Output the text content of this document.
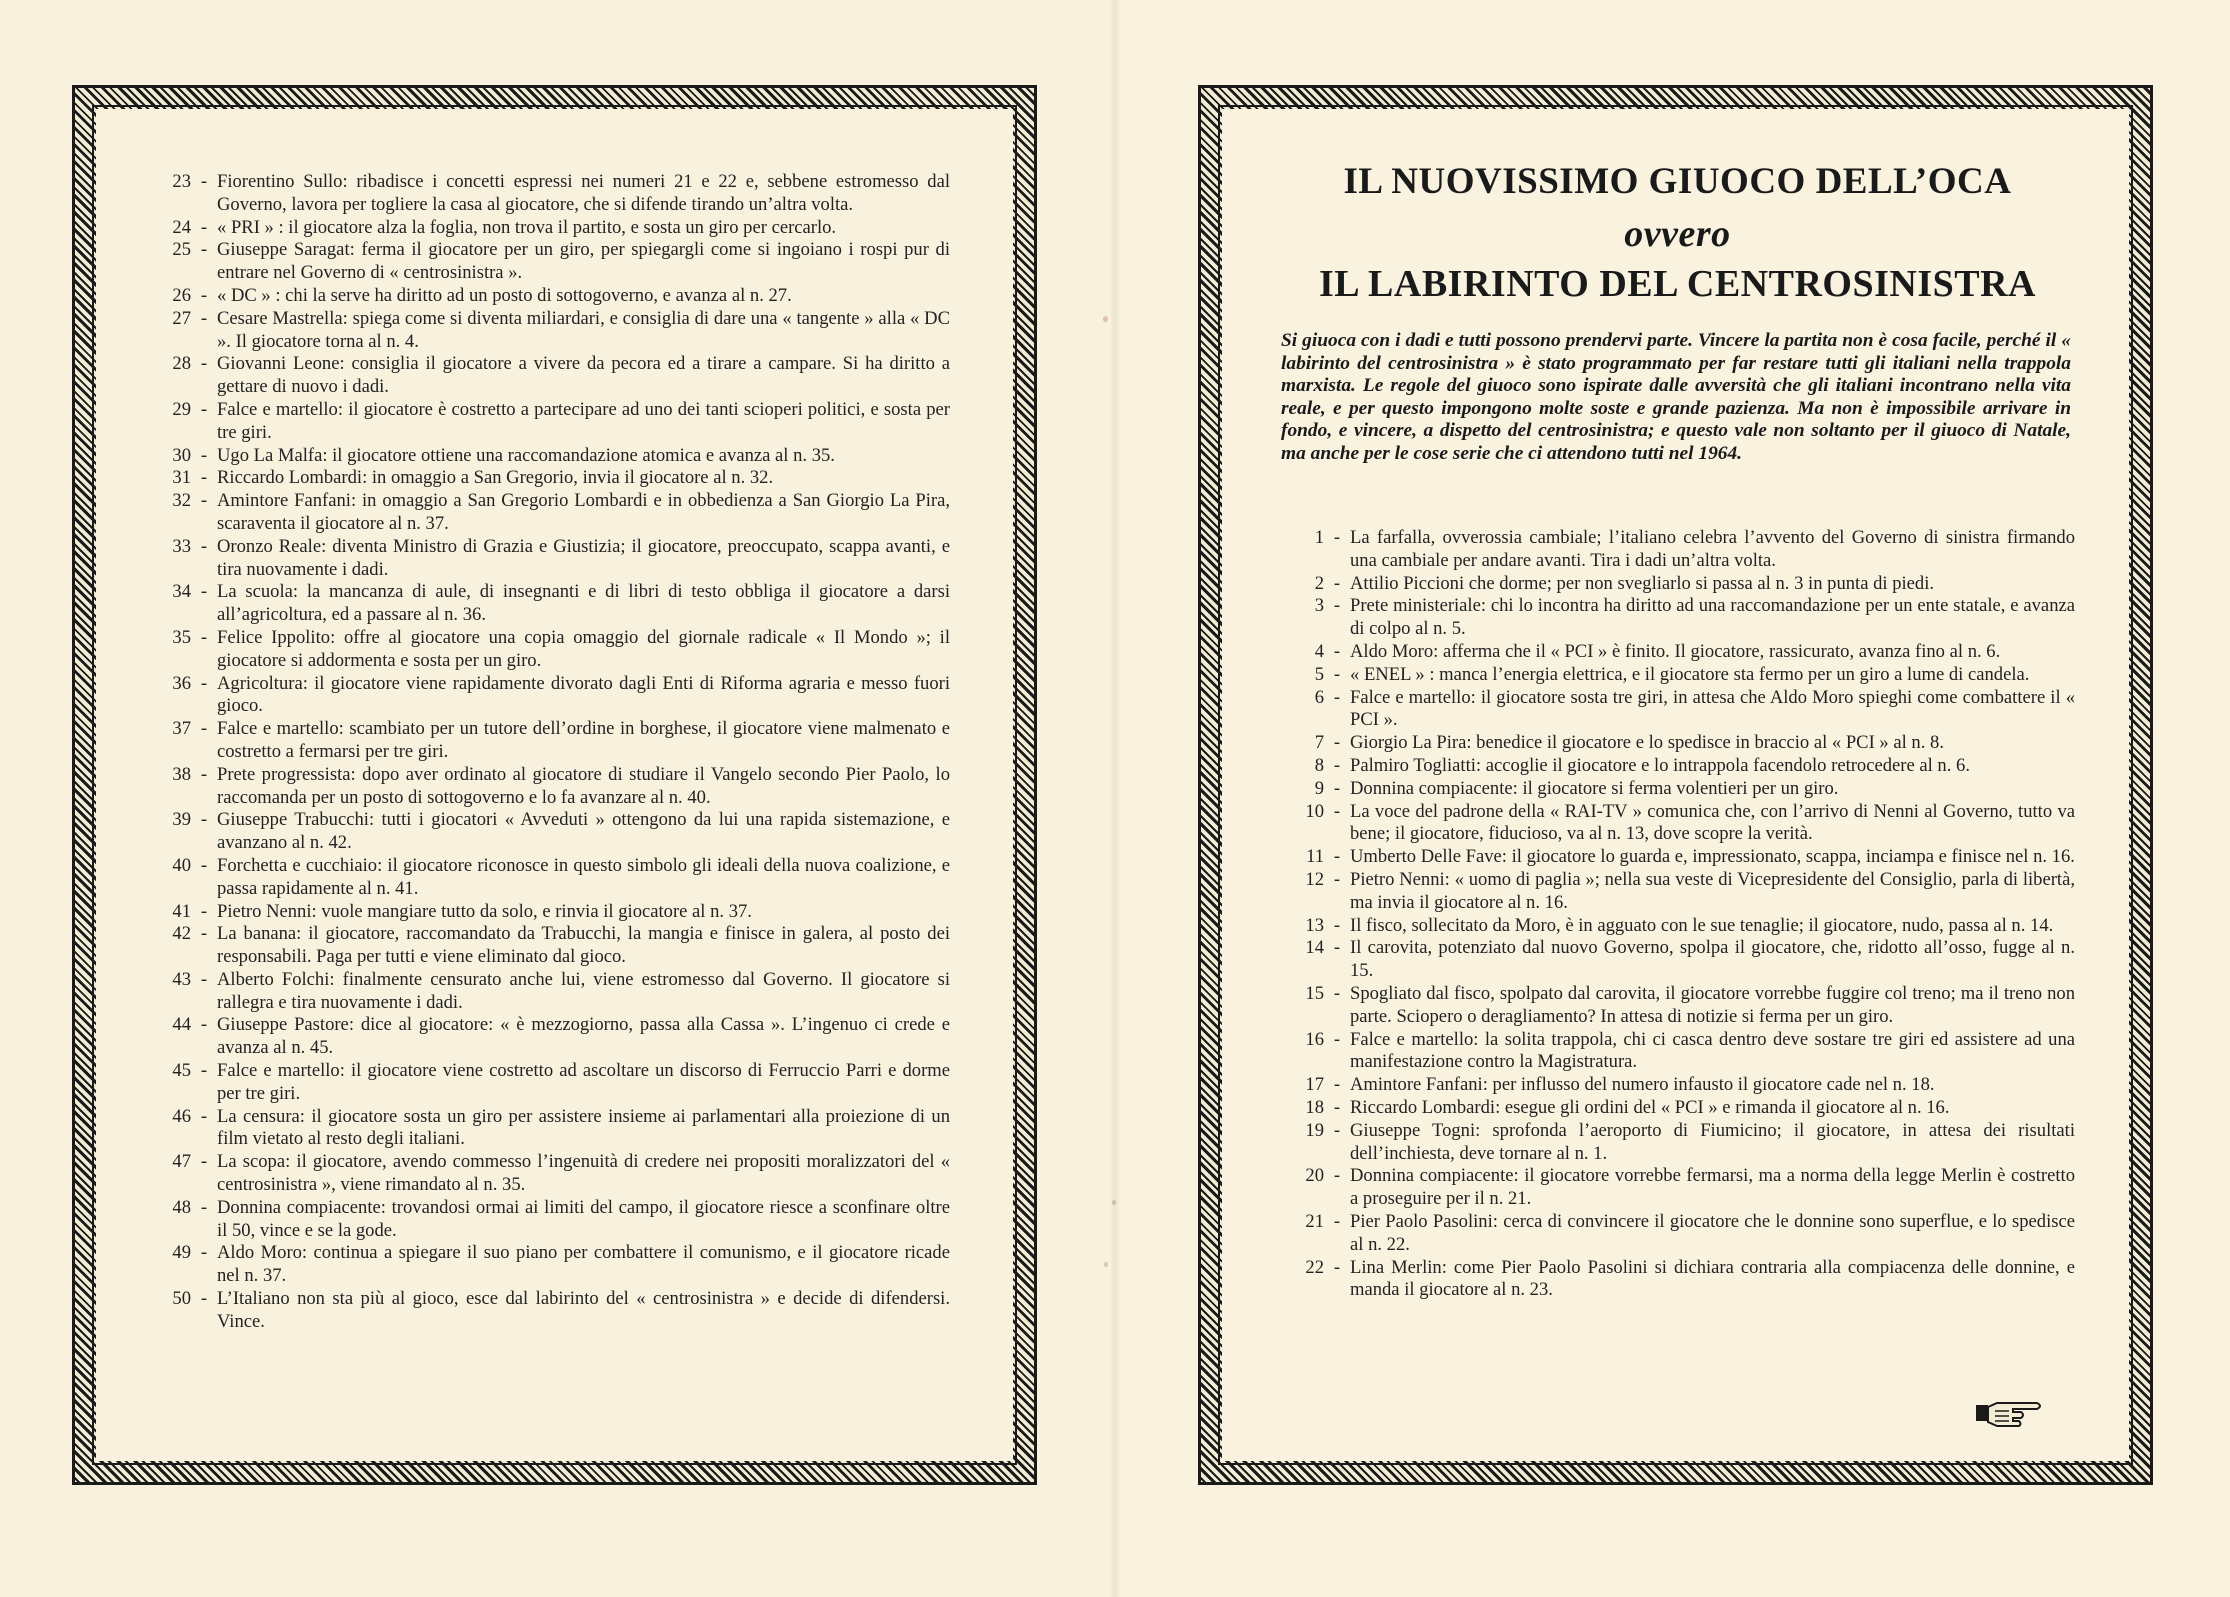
23 - Fiorentino Sullo: ribadisce i concetti espressi nei numeri 21 e 22 e, sebbene estromesso dal Governo, lavora per togliere la casa al giocatore, che si difende tirando un’altra volta.
24 - « PRI » : il giocatore alza la foglia, non trova il partito, e sosta un giro per cercarlo.
25 - Giuseppe Saragat: ferma il giocatore per un giro, per spiegargli come si ingoiano i rospi pur di entrare nel Governo di « centrosinistra ».
26 - « DC » : chi la serve ha diritto ad un posto di sottogoverno, e avanza al n. 27.
27 - Cesare Mastrella: spiega come si diventa miliardari, e consiglia di dare una « tangente » alla « DC ». Il giocatore torna al n. 4.
28 - Giovanni Leone: consiglia il giocatore a vivere da pecora ed a tirare a campare. Si ha diritto a gettare di nuovo i dadi.
29 - Falce e martello: il giocatore è costretto a partecipare ad uno dei tanti scioperi politici, e sosta per tre giri.
30 - Ugo La Malfa: il giocatore ottiene una raccomandazione atomica e avanza al n. 35.
31 - Riccardo Lombardi: in omaggio a San Gregorio, invia il giocatore al n. 32.
32 - Amintore Fanfani: in omaggio a San Gregorio Lombardi e in obbedienza a San Giorgio La Pira, scaraventa il giocatore al n. 37.
33 - Oronzo Reale: diventa Ministro di Grazia e Giustizia; il giocatore, preoccupato, scappa avanti, e tira nuovamente i dadi.
34 - La scuola: la mancanza di aule, di insegnanti e di libri di testo obbliga il giocatore a darsi all’agricoltura, ed a passare al n. 36.
35 - Felice Ippolito: offre al giocatore una copia omaggio del giornale radicale « Il Mondo »; il giocatore si addormenta e sosta per un giro.
36 - Agricoltura: il giocatore viene rapidamente divorato dagli Enti di Riforma agraria e messo fuori gioco.
37 - Falce e martello: scambiato per un tutore dell’ordine in borghese, il giocatore viene malmenato e costretto a fermarsi per tre giri.
38 - Prete progressista: dopo aver ordinato al giocatore di studiare il Vangelo secondo Pier Paolo, lo raccomanda per un posto di sottogoverno e lo fa avanzare al n. 40.
39 - Giuseppe Trabucchi: tutti i giocatori « Avveduti » ottengono da lui una rapida sistemazione, e avanzano al n. 42.
40 - Forchetta e cucchiaio: il giocatore riconosce in questo simbolo gli ideali della nuova coalizione, e passa rapidamente al n. 41.
41 - Pietro Nenni: vuole mangiare tutto da solo, e rinvia il giocatore al n. 37.
42 - La banana: il giocatore, raccomandato da Trabucchi, la mangia e finisce in galera, al posto dei responsabili. Paga per tutti e viene eliminato dal gioco.
43 - Alberto Folchi: finalmente censurato anche lui, viene estromesso dal Governo. Il giocatore si rallegra e tira nuovamente i dadi.
44 - Giuseppe Pastore: dice al giocatore: « è mezzogiorno, passa alla Cassa ». L’ingenuo ci crede e avanza al n. 45.
45 - Falce e martello: il giocatore viene costretto ad ascoltare un discorso di Ferruccio Parri e dorme per tre giri.
46 - La censura: il giocatore sosta un giro per assistere insieme ai parlamentari alla proiezione di un film vietato al resto degli italiani.
47 - La scopa: il giocatore, avendo commesso l’ingenuità di credere nei propositi moralizzatori del « centrosinistra », viene rimandato al n. 35.
48 - Donnina compiacente: trovandosi ormai ai limiti del campo, il giocatore riesce a sconfinare oltre il 50, vince e se la gode.
49 - Aldo Moro: continua a spiegare il suo piano per combattere il comunismo, e il giocatore ricade nel n. 37.
50 - L’Italiano non sta più al gioco, esce dal labirinto del « centrosinistra » e decide di difendersi. Vince.
IL NUOVISSIMO GIUOCO DELL’OCA
ovvero
IL LABIRINTO DEL CENTROSINISTRA
Si giuoca con i dadi e tutti possono prendervi parte. Vincere la partita non è cosa facile, perché il « labirinto del centrosinistra » è stato programmato per far restare tutti gli italiani nella trappola marxista. Le regole del giuoco sono ispirate dalle avversità che gli italiani incontrano nella vita reale, e per questo impongono molte soste e grande pazienza. Ma non è impossibile arrivare in fondo, e vincere, a dispetto del centrosinistra; e questo vale non soltanto per il giuoco di Natale, ma anche per le cose serie che ci attendono tutti nel 1964.
1 - La farfalla, ovverossia cambiale; l’italiano celebra l’avvento del Governo di sinistra firmando una cambiale per andare avanti. Tira i dadi un’altra volta.
2 - Attilio Piccioni che dorme; per non svegliarlo si passa al n. 3 in punta di piedi.
3 - Prete ministeriale: chi lo incontra ha diritto ad una raccomandazione per un ente statale, e avanza di colpo al n. 5.
4 - Aldo Moro: afferma che il « PCI » è finito. Il giocatore, rassicurato, avanza fino al n. 6.
5 - « ENEL » : manca l’energia elettrica, e il giocatore sta fermo per un giro a lume di candela.
6 - Falce e martello: il giocatore sosta tre giri, in attesa che Aldo Moro spieghi come combattere il « PCI ».
7 - Giorgio La Pira: benedice il giocatore e lo spedisce in braccio al « PCI » al n. 8.
8 - Palmiro Togliatti: accoglie il giocatore e lo intrappola facendolo retrocedere al n. 6.
9 - Donnina compiacente: il giocatore si ferma volentieri per un giro.
10 - La voce del padrone della « RAI-TV » comunica che, con l’arrivo di Nenni al Governo, tutto va bene; il giocatore, fiducioso, va al n. 13, dove scopre la verità.
11 - Umberto Delle Fave: il giocatore lo guarda e, impressionato, scappa, inciampa e finisce nel n. 16.
12 - Pietro Nenni: « uomo di paglia »; nella sua veste di Vicepresidente del Consiglio, parla di libertà, ma invia il giocatore al n. 16.
13 - Il fisco, sollecitato da Moro, è in agguato con le sue tenaglie; il giocatore, nudo, passa al n. 14.
14 - Il carovita, potenziato dal nuovo Governo, spolpa il giocatore, che, ridotto all’osso, fugge al n. 15.
15 - Spogliato dal fisco, spolpato dal carovita, il giocatore vorrebbe fuggire col treno; ma il treno non parte. Sciopero o deragliamento? In attesa di notizie si ferma per un giro.
16 - Falce e martello: la solita trappola, chi ci casca dentro deve sostare tre giri ed assistere ad una manifestazione contro la Magistratura.
17 - Amintore Fanfani: per influsso del numero infausto il giocatore cade nel n. 18.
18 - Riccardo Lombardi: esegue gli ordini del « PCI » e rimanda il giocatore al n. 16.
19 - Giuseppe Togni: sprofonda l’aeroporto di Fiumicino; il giocatore, in attesa dei risultati dell’inchiesta, deve tornare al n. 1.
20 - Donnina compiacente: il giocatore vorrebbe fermarsi, ma a norma della legge Merlin è costretto a proseguire per il n. 21.
21 - Pier Paolo Pasolini: cerca di convincere il giocatore che le donnine sono superflue, e lo spedisce al n. 22.
22 - Lina Merlin: come Pier Paolo Pasolini si dichiara contraria alla compiacenza delle donnine, e manda il giocatore al n. 23.
